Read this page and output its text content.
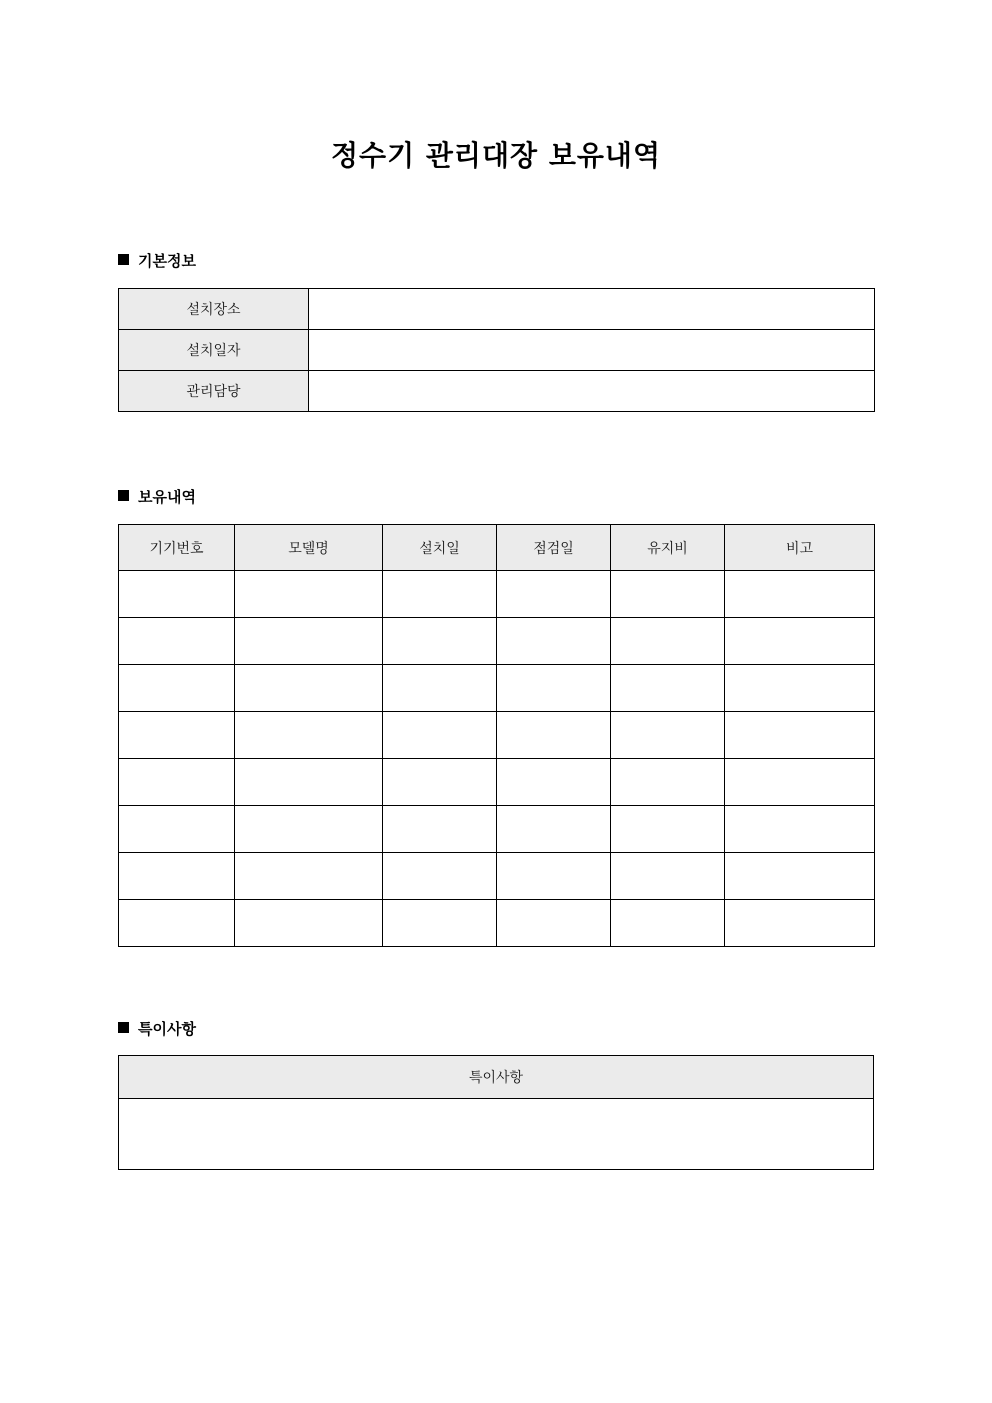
정수기 관리대장 보유내역
기본정보
설치장소	
설치일자	
관리담당	
보유내역
기기번호	모델명	설치일	점검일	유지비	비고

특이사항
특이사항
